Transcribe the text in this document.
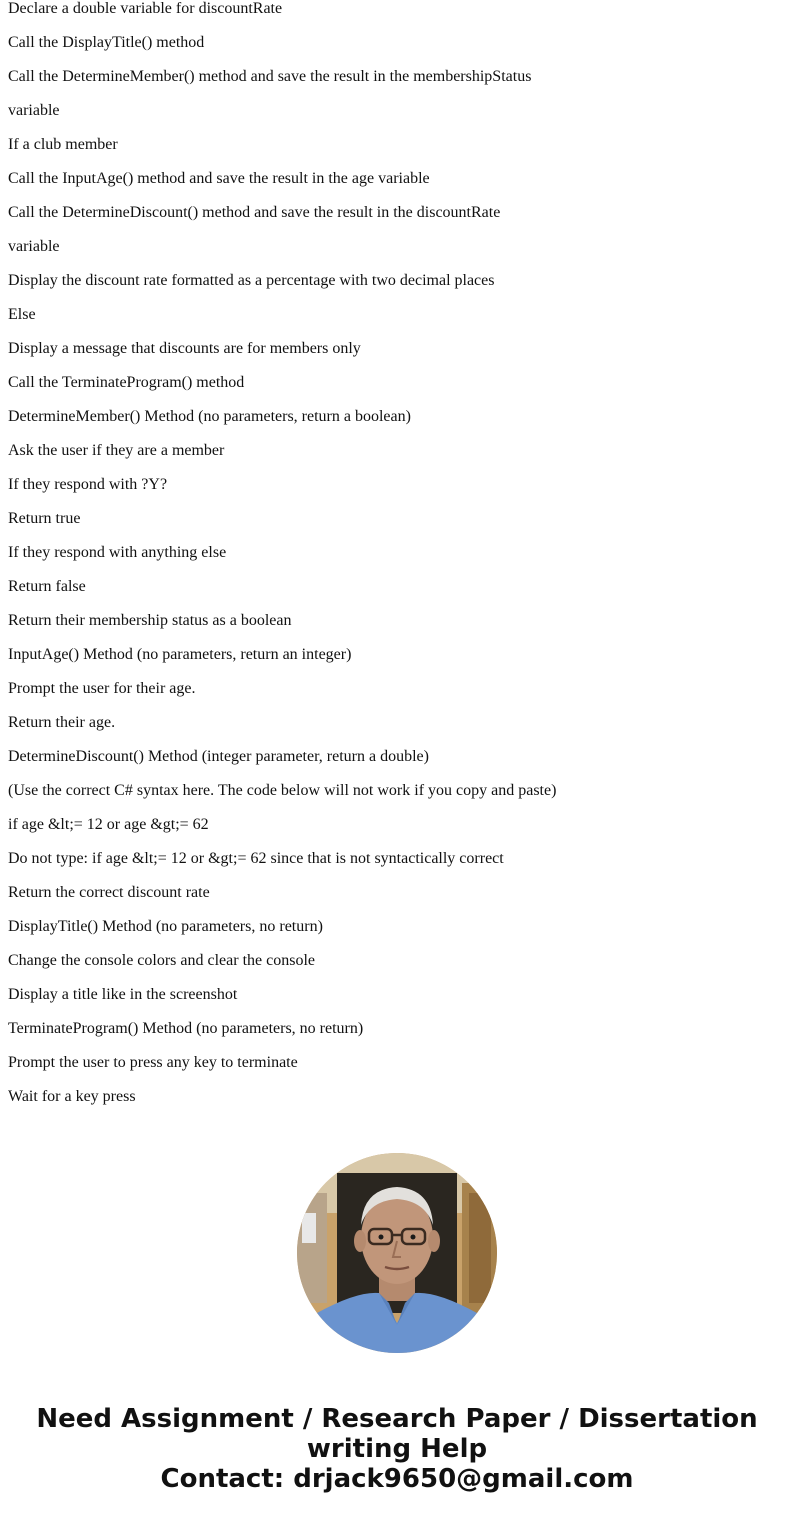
Declare a double variable for discountRate

Call the DisplayTitle() method

Call the DetermineMember() method and save the result in the membershipStatus

variable

If a club member

Call the InputAge() method and save the result in the age variable

Call the DetermineDiscount() method and save the result in the discountRate

variable

Display the discount rate formatted as a percentage with two decimal places

Else

Display a message that discounts are for members only

Call the TerminateProgram() method

DetermineMember() Method (no parameters, return a boolean)

Ask the user if they are a member

If they respond with ?Y?

Return true

If they respond with anything else

Return false

Return their membership status as a boolean

InputAge() Method (no parameters, return an integer)

Prompt the user for their age.

Return their age.

DetermineDiscount() Method (integer parameter, return a double)

(Use the correct C# syntax here. The code below will not work if you copy and paste)

if age &lt;= 12 or age &gt;= 62

Do not type: if age &lt;= 12 or &gt;= 62 since that is not syntactically correct

Return the correct discount rate

DisplayTitle() Method (no parameters, no return)

Change the console colors and clear the console

Display a title like in the screenshot

TerminateProgram() Method (no parameters, no return)

Prompt the user to press any key to terminate

Wait for a key press

Need Assignment / Research Paper / Dissertation
writing Help
Contact: drjack9650@gmail.com
